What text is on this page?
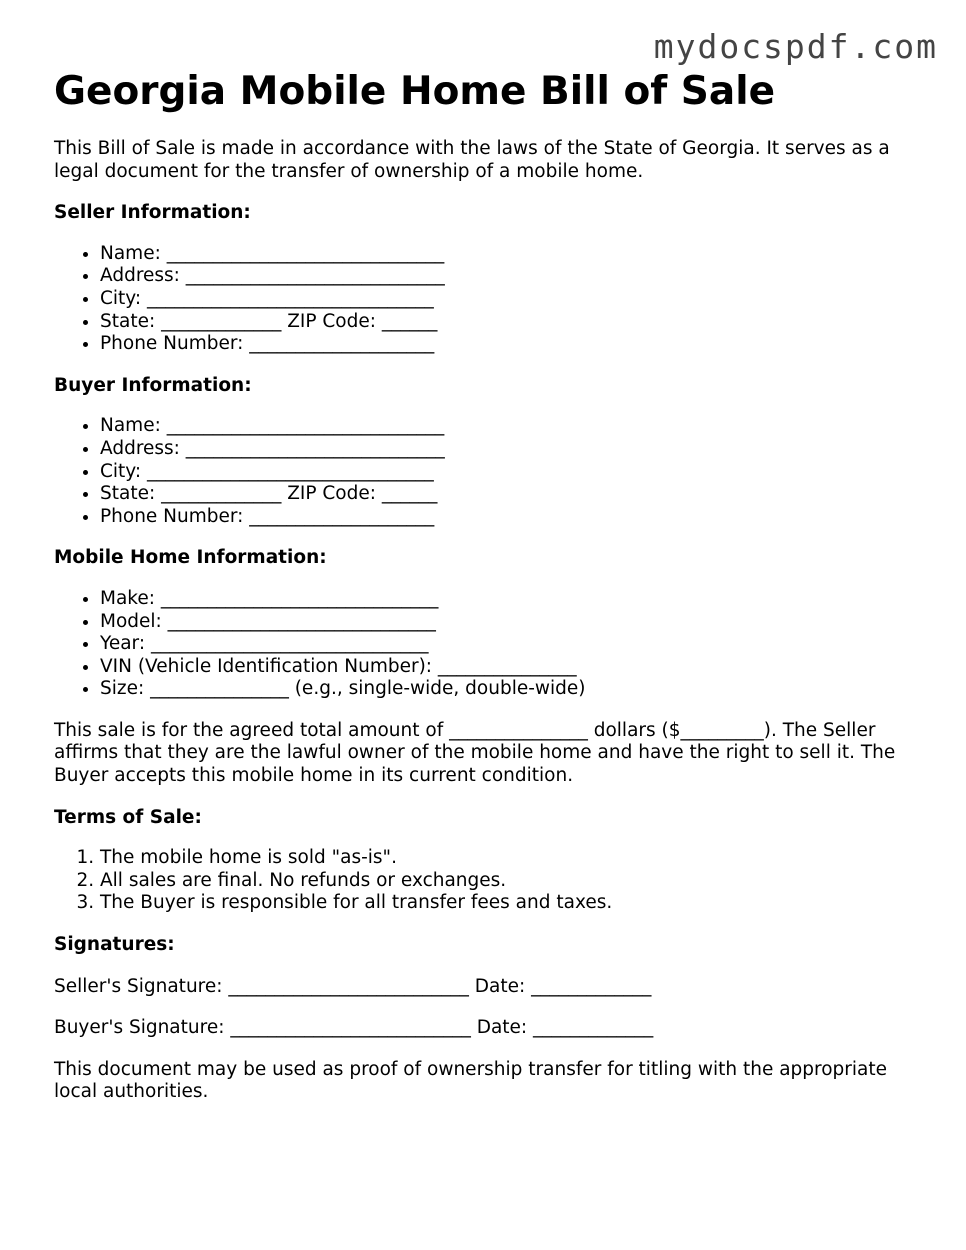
mydocspdf.com
Georgia Mobile Home Bill of Sale

This Bill of Sale is made in accordance with the laws of the State of Georgia. It serves as a legal document for the transfer of ownership of a mobile home.

Seller Information:

• Name: ______________________________
• Address: ____________________________
• City: _______________________________
• State: _____________ ZIP Code: ______
• Phone Number: ____________________

Buyer Information:

• Name: ______________________________
• Address: ____________________________
• City: _______________________________
• State: _____________ ZIP Code: ______
• Phone Number: ____________________

Mobile Home Information:

• Make: ______________________________
• Model: _____________________________
• Year: ______________________________
• VIN (Vehicle Identification Number): _______________
• Size: _______________ (e.g., single-wide, double-wide)

This sale is for the agreed total amount of _______________ dollars ($_________). The Seller affirms that they are the lawful owner of the mobile home and have the right to sell it. The Buyer accepts this mobile home in its current condition.

Terms of Sale:

1. The mobile home is sold "as-is".
2. All sales are final. No refunds or exchanges.
3. The Buyer is responsible for all transfer fees and taxes.

Signatures:

Seller's Signature: __________________________ Date: _____________

Buyer's Signature: __________________________ Date: _____________

This document may be used as proof of ownership transfer for titling with the appropriate local authorities.
